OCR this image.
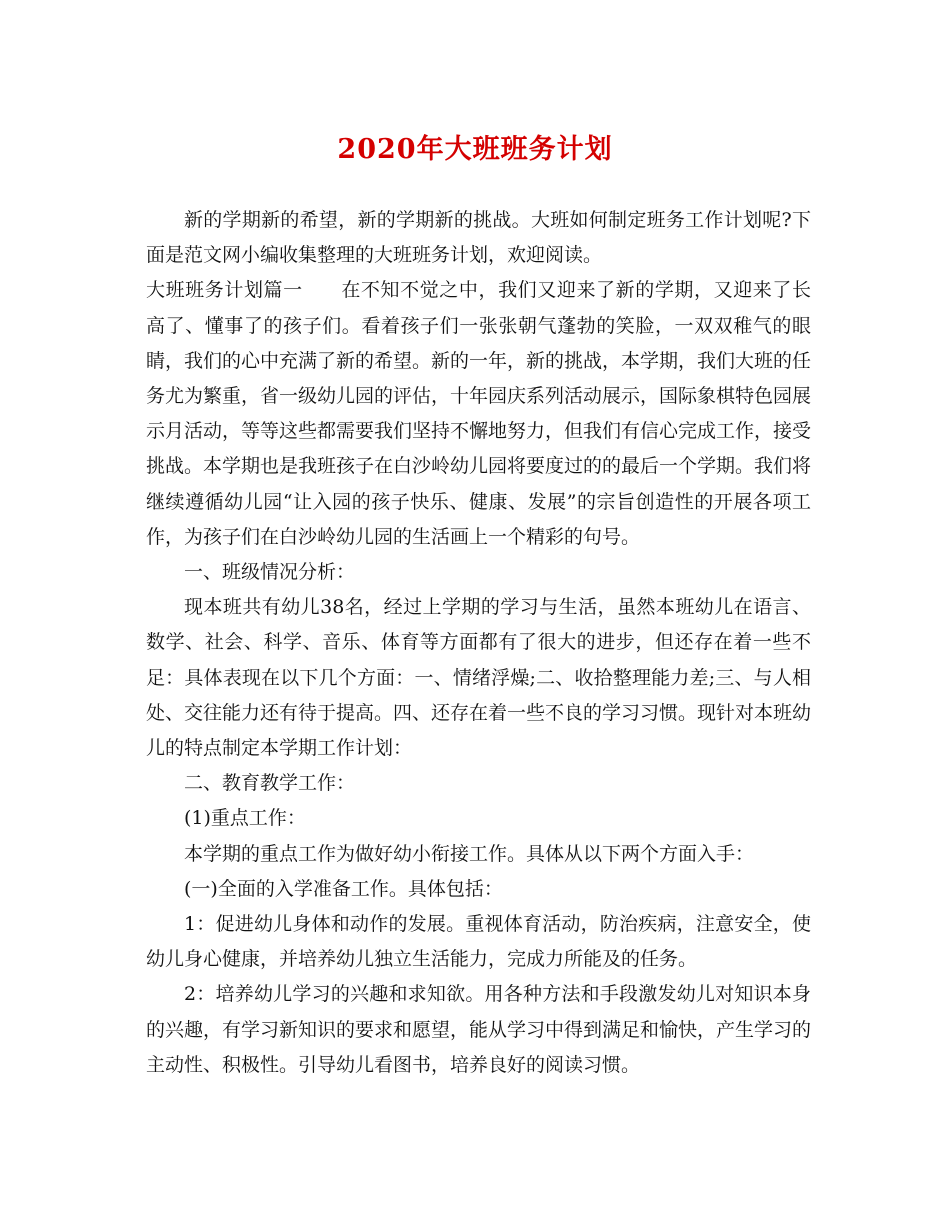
2020年大班班务计划

新的学期新的希望，新的学期新的挑战。大班如何制定班务工作计划呢?下面是范文网小编收集整理的大班班务计划，欢迎阅读。

大班班务计划篇一 在不知不觉之中，我们又迎来了新的学期，又迎来了长高了、懂事了的孩子们。看着孩子们一张张朝气蓬勃的笑脸，一双双稚气的眼睛，我们的心中充满了新的希望。新的一年，新的挑战，本学期，我们大班的任务尤为繁重，省一级幼儿园的评估，十年园庆系列活动展示，国际象棋特色园展示月活动，等等这些都需要我们坚持不懈地努力，但我们有信心完成工作，接受挑战。本学期也是我班孩子在白沙岭幼儿园将要度过的的最后一个学期。我们将继续遵循幼儿园“让入园的孩子快乐、健康、发展”的宗旨创造性的开展各项工作，为孩子们在白沙岭幼儿园的生活画上一个精彩的句号。

一、班级情况分析：

现本班共有幼儿38名，经过上学期的学习与生活，虽然本班幼儿在语言、数学、社会、科学、音乐、体育等方面都有了很大的进步，但还存在着一些不足：具体表现在以下几个方面：一、情绪浮燥;二、收拾整理能力差;三、与人相处、交往能力还有待于提高。四、还存在着一些不良的学习习惯。现针对本班幼儿的特点制定本学期工作计划：

二、教育教学工作：

(1)重点工作：

本学期的重点工作为做好幼小衔接工作。具体从以下两个方面入手：

(一)全面的入学准备工作。具体包括：

1：促进幼儿身体和动作的发展。重视体育活动，防治疾病，注意安全，使幼儿身心健康，并培养幼儿独立生活能力，完成力所能及的任务。

2：培养幼儿学习的兴趣和求知欲。用各种方法和手段激发幼儿对知识本身的兴趣，有学习新知识的要求和愿望，能从学习中得到满足和愉快，产生学习的主动性、积极性。引导幼儿看图书，培养良好的阅读习惯。
